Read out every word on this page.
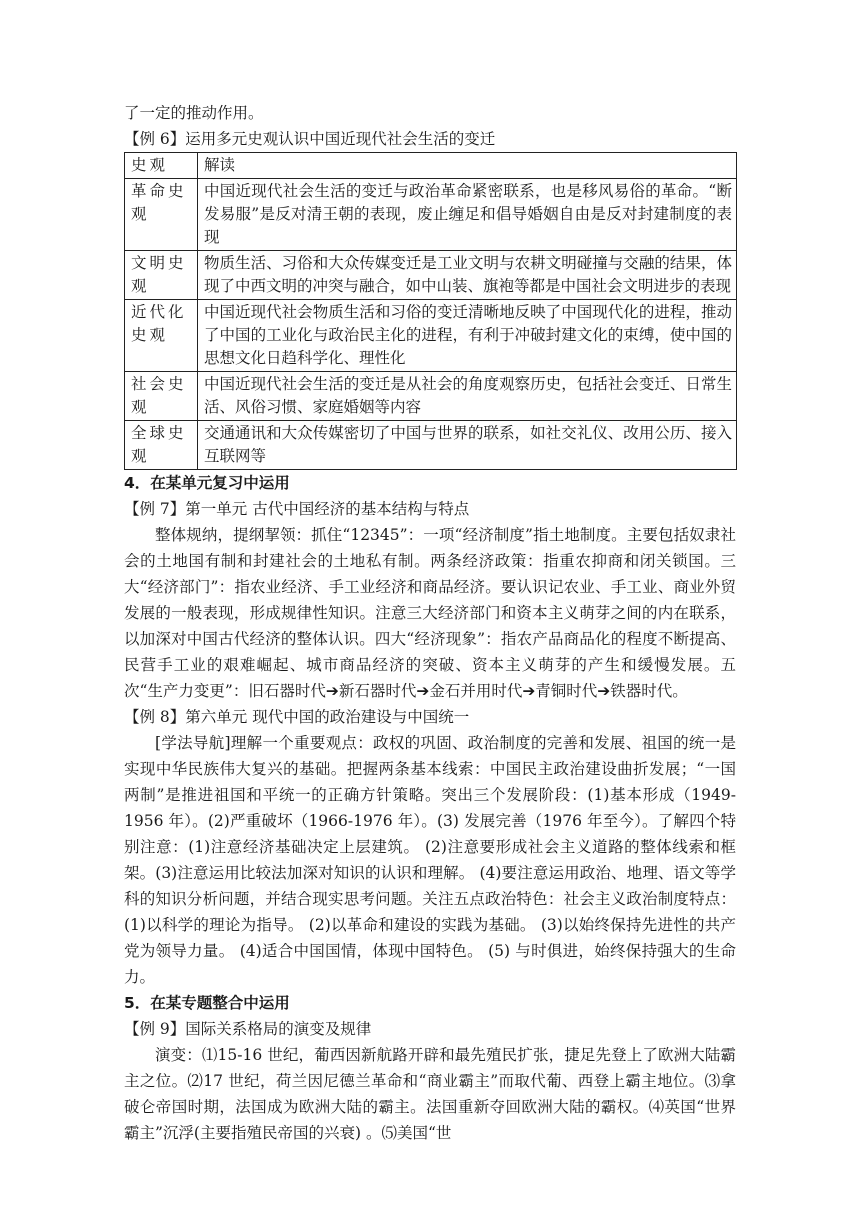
了一定的推动作用。
【例 6】运用多元史观认识中国近现代社会生活的变迁
史观	解读
革命史观	中国近现代社会生活的变迁与政治革命紧密联系，也是移风易俗的革命。“断发易服”是反对清王朝的表现，废止缠足和倡导婚姻自由是反对封建制度的表现
文明史观	物质生活、习俗和大众传媒变迁是工业文明与农耕文明碰撞与交融的结果，体现了中西文明的冲突与融合，如中山装、旗袍等都是中国社会文明进步的表现
近代化史观	中国近现代社会物质生活和习俗的变迁清晰地反映了中国现代化的进程，推动了中国的工业化与政治民主化的进程，有利于冲破封建文化的束缚，使中国的思想文化日趋科学化、理性化
社会史观	中国近现代社会生活的变迁是从社会的角度观察历史，包括社会变迁、日常生活、风俗习惯、家庭婚姻等内容
全球史观	交通通讯和大众传媒密切了中国与世界的联系，如社交礼仪、改用公历、接入互联网等
4．在某单元复习中运用
【例 7】第一单元 古代中国经济的基本结构与特点

整体规纳，提纲挈领：抓住“12345”：一项“经济制度”指土地制度。主要包括奴隶社会的土地国有制和封建社会的土地私有制。两条经济政策：指重农抑商和闭关锁国。三大“经济部门”：指农业经济、手工业经济和商品经济。要认识记农业、手工业、商业外贸发展的一般表现，形成规律性知识。注意三大经济部门和资本主义萌芽之间的内在联系，以加深对中国古代经济的整体认识。四大“经济现象”：指农产品商品化的程度不断提高、民营手工业的艰难崛起、城市商品经济的突破、资本主义萌芽的产生和缓慢发展。五次“生产力变更”：旧石器时代➔新石器时代➔金石并用时代➔青铜时代➔铁器时代。

【例 8】第六单元 现代中国的政治建设与中国统一

[学法导航]理解一个重要观点：政权的巩固、政治制度的完善和发展、祖国的统一是实现中华民族伟大复兴的基础。把握两条基本线索：中国民主政治建设曲折发展；“一国两制”是推进祖国和平统一的正确方针策略。突出三个发展阶段：(1)基本形成（1949-1956 年）。(2)严重破坏（1966-1976 年）。(3) 发展完善（1976 年至今）。了解四个特别注意：(1)注意经济基础决定上层建筑。 (2)注意要形成社会主义道路的整体线索和框架。(3)注意运用比较法加深对知识的认识和理解。 (4)要注意运用政治、地理、语文等学科的知识分析问题，并结合现实思考问题。关注五点政治特色：社会主义政治制度特点：(1)以科学的理论为指导。 (2)以革命和建设的实践为基础。 (3)以始终保持先进性的共产党为领导力量。 (4)适合中国国情，体现中国特色。 (5) 与时俱进，始终保持强大的生命力。

5．在某专题整合中运用
【例 9】国际关系格局的演变及规律

演变：⑴15-16 世纪，葡西因新航路开辟和最先殖民扩张，捷足先登上了欧洲大陆霸主之位。⑵17 世纪，荷兰因尼德兰革命和“商业霸主”而取代葡、西登上霸主地位。⑶拿破仑帝国时期，法国成为欧洲大陆的霸主。法国重新夺回欧洲大陆的霸权。⑷英国“世界霸主”沉浮(主要指殖民帝国的兴衰) 。⑸美国“世
